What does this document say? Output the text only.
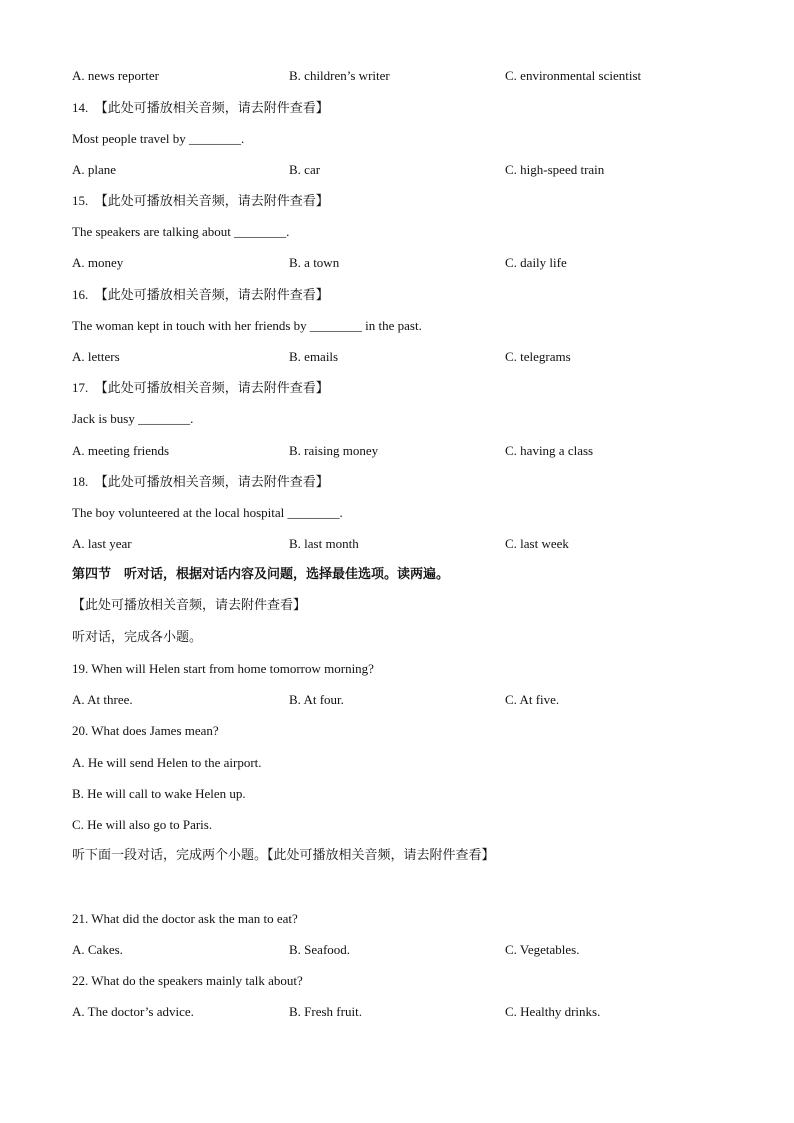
A. news reporter	B. children’s writer	C. environmental scientist
14. 【此处可播放相关音频，请去附件查看】
Most people travel by ________.
A. plane	B. car	C. high-speed train
15. 【此处可播放相关音频，请去附件查看】
The speakers are talking about ________.
A. money	B. a town	C. daily life
16. 【此处可播放相关音频，请去附件查看】
The woman kept in touch with her friends by ________ in the past.
A. letters	B. emails	C. telegrams
17. 【此处可播放相关音频，请去附件查看】
Jack is busy ________.
A. meeting friends	B. raising money	C. having a class
18. 【此处可播放相关音频，请去附件查看】
The boy volunteered at the local hospital ________.
A. last year	B. last month	C. last week
第四节　听对话，根据对话内容及问题，选择最佳选项。读两遍。
【此处可播放相关音频，请去附件查看】
听对话，完成各小题。
19. When will Helen start from home tomorrow morning?
A. At three.	B. At four.	C. At five.
20. What does James mean?
A. He will send Helen to the airport.
B. He will call to wake Helen up.
C. He will also go to Paris.
听下面一段对话，完成两个小题。【此处可播放相关音频，请去附件查看】
21. What did the doctor ask the man to eat?
A. Cakes.	B. Seafood.	C. Vegetables.
22. What do the speakers mainly talk about?
A. The doctor’s advice.	B. Fresh fruit.	C. Healthy drinks.
